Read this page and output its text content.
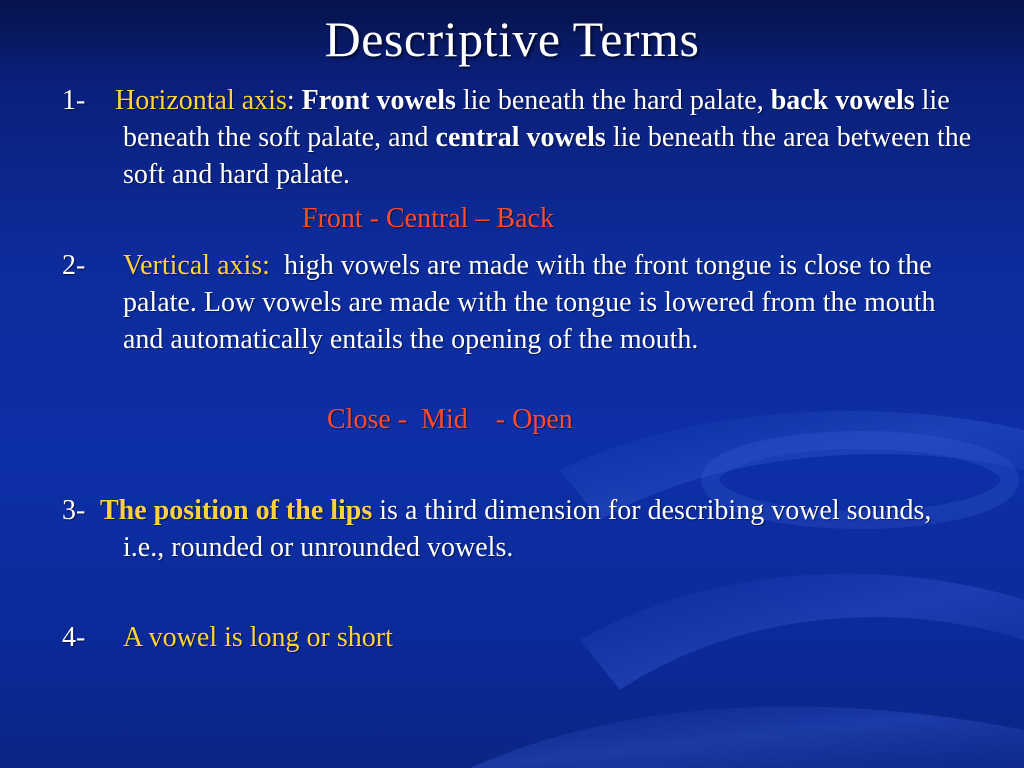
Descriptive Terms
1- Horizontal axis: Front vowels lie beneath the hard palate, back vowels lie beneath the soft palate, and central vowels lie beneath the area between the soft and hard palate.
Front - Central – Back
2- Vertical axis:  high vowels are made with the front tongue is close to the palate. Low vowels are made with the tongue is lowered from the mouth and automatically entails the opening of the mouth.
Close -  Mid    - Open
3- The position of the lips is a third dimension for describing vowel sounds, i.e., rounded or unrounded vowels.
4- A vowel is long or short
